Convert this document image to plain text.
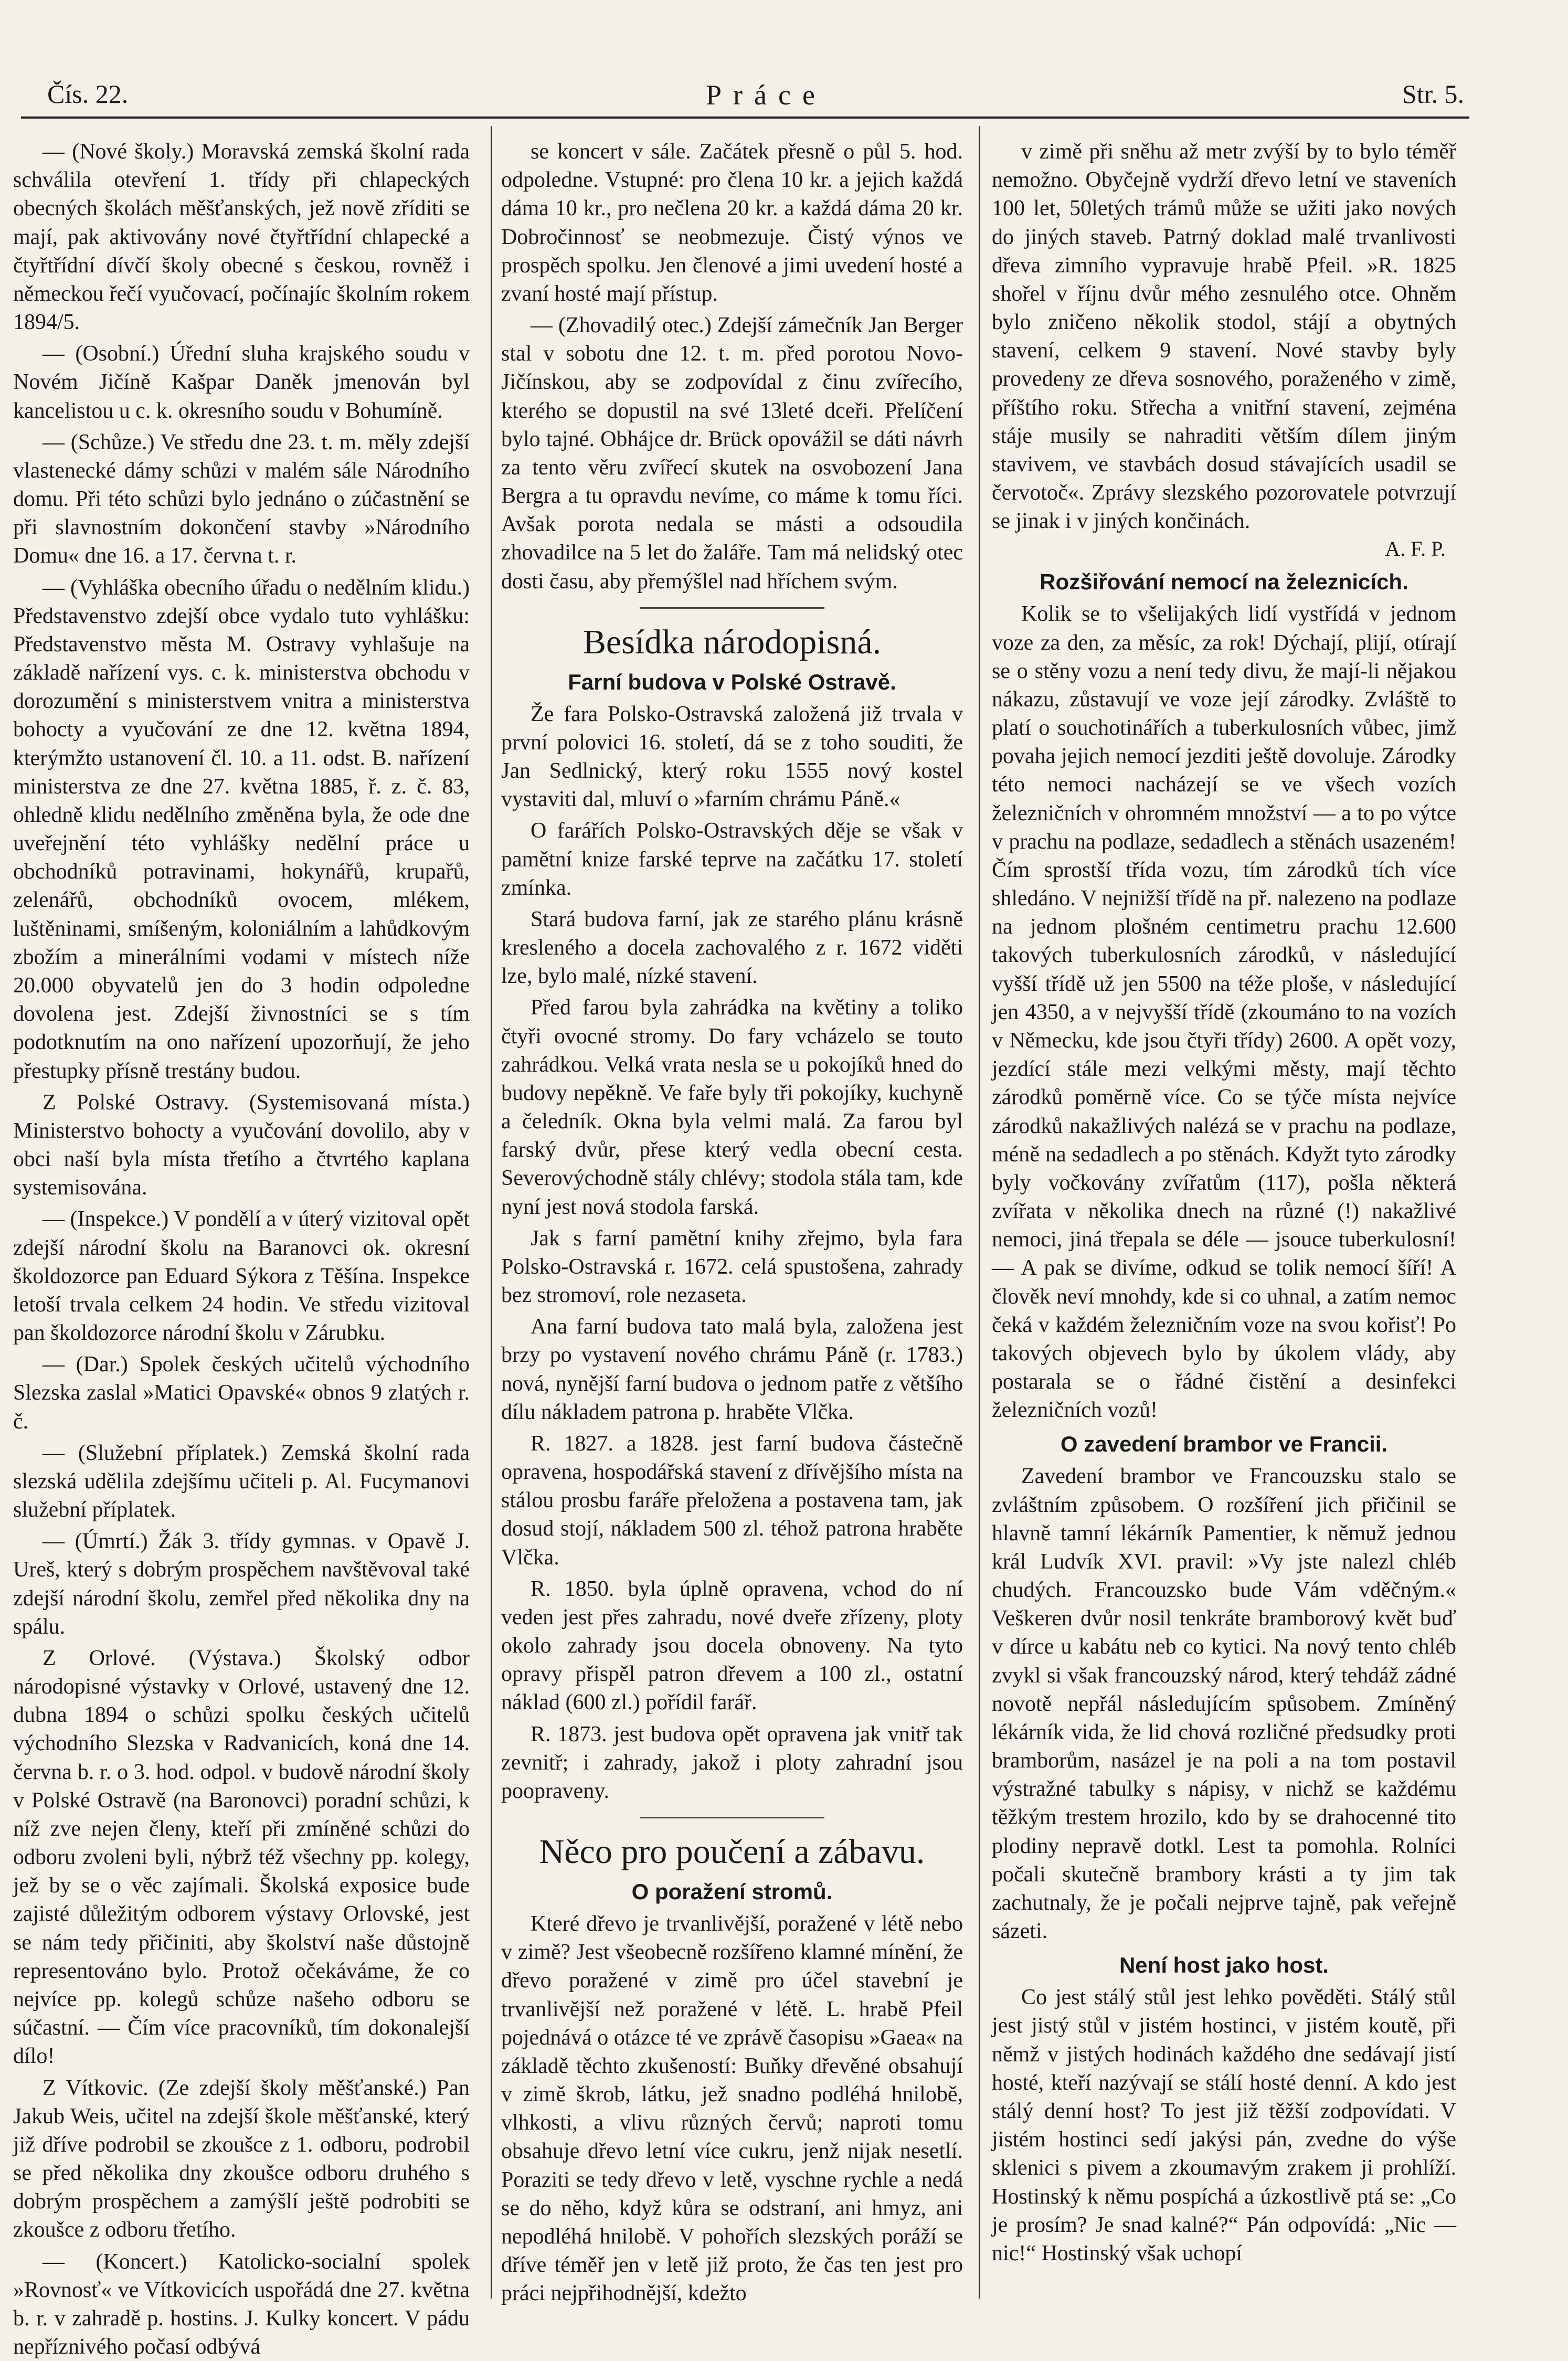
Čís. 22.	Práce	Str. 5.

— (Nové školy.) Moravská zemská školní rada schválila otevření 1. třídy při chlapeckých obecných školách měšťanských, jež nově zříditi se mají, pak aktivovány nové čtyřtřídní chlapecké a čtyřtřídní dívčí školy obecné s českou, rovněž i německou řečí vyučovací, počínajíc školním rokem 1894/5.

— (Osobní.) Úřední sluha krajského soudu v Novém Jičíně Kašpar Daněk jmenován byl kancelistou u c. k. okresního soudu v Bohumíně.

— (Schůze.) Ve středu dne 23. t. m. měly zdejší vlastenecké dámy schůzi v malém sále Národního domu. Při této schůzi bylo jednáno o zúčastnění se při slavnostním dokončení stavby »Národního Domu« dne 16. a 17. června t. r.

— (Vyhláška obecního úřadu o nedělním klidu.) Představenstvo zdejší obce vydalo tuto vyhlášku: Představenstvo města M. Ostravy vyhlašuje na základě nařízení vys. c. k. ministerstva obchodu v dorozumění s ministerstvem vnitra a ministerstva bohocty a vyučování ze dne 12. května 1894, kterýmžto ustanovení čl. 10. a 11. odst. B. nařízení ministerstva ze dne 27. května 1885, ř. z. č. 83, ohledně klidu nedělního změněna byla, že ode dne uveřejnění této vyhlášky nedělní práce u obchodníků potravinami, hokynářů, krupařů, zelenářů, obchodníků ovocem, mlékem, luštěninami, smíšeným, koloniálním a lahůdkovým zbožím a minerálními vodami v místech níže 20.000 obyvatelů jen do 3 hodin odpoledne dovolena jest. Zdejší živnostníci se s tím podotknutím na ono nařízení upozorňují, že jeho přestupky přísně trestány budou.

Z Polské Ostravy. (Systemisovaná místa.) Ministerstvo bohocty a vyučování dovolilo, aby v obci naší byla místa třetího a čtvrtého kaplana systemisována.

— (Inspekce.) V pondělí a v úterý vizitoval opět zdejší národní školu na Baranovci ok. okresní školdozorce pan Eduard Sýkora z Těšína. Inspekce letoší trvala celkem 24 hodin. Ve středu vizitoval pan školdozorce národní školu v Zárubku.

— (Dar.) Spolek českých učitelů východního Slezska zaslal »Matici Opavské« obnos 9 zlatých r. č.

— (Služební příplatek.) Zemská školní rada slezská udělila zdejšímu učiteli p. Al. Fucymanovi služební příplatek.

— (Úmrtí.) Žák 3. třídy gymnas. v Opavě J. Ureš, který s dobrým prospěchem navštěvoval také zdejší národní školu, zemřel před několika dny na spálu.

Z Orlové. (Výstava.) Školský odbor národopisné výstavky v Orlové, ustavený dne 12. dubna 1894 o schůzi spolku českých učitelů východního Slezska v Radvanicích, koná dne 14. června b. r. o 3. hod. odpol. v budově národní školy v Polské Ostravě (na Baronovci) poradní schůzi, k níž zve nejen členy, kteří při zmíněné schůzi do odboru zvoleni byli, nýbrž též všechny pp. kolegy, jež by se o věc zajímali. Školská exposice bude zajisté důležitým odborem výstavy Orlovské, jest se nám tedy přičiniti, aby školství naše důstojně representováno bylo. Protož očekáváme, že co nejvíce pp. kolegů schůze našeho odboru se súčastní. — Čím více pracovníků, tím dokonalejší dílo!

Z Vítkovic. (Ze zdejší školy měšťanské.) Pan Jakub Weis, učitel na zdejší škole měšťanské, který již dříve podrobil se zkoušce z 1. odboru, podrobil se před několika dny zkoušce odboru druhého s dobrým prospěchem a zamýšlí ještě podrobiti se zkoušce z odboru třetího.

— (Koncert.) Katolicko-socialní spolek »Rovnosť« ve Vítkovicích uspořádá dne 27. května b. r. v zahradě p. hostins. J. Kulky koncert. V pádu nepříznivého počasí odbývá

se koncert v sále. Začátek přesně o půl 5. hod. odpoledne. Vstupné: pro člena 10 kr. a jejich každá dáma 10 kr., pro nečlena 20 kr. a každá dáma 20 kr. Dobročinnosť se neobmezuje. Čistý výnos ve prospěch spolku. Jen členové a jimi uvedení hosté a zvaní hosté mají přístup.

— (Zhovadilý otec.) Zdejší zámečník Jan Berger stal v sobotu dne 12. t. m. před porotou Novo-Jičínskou, aby se zodpovídal z činu zvířecího, kterého se dopustil na své 13leté dceři. Přelíčení bylo tajné. Obhájce dr. Brück opovážil se dáti návrh za tento věru zvířecí skutek na osvobození Jana Bergra a tu opravdu nevíme, co máme k tomu říci. Avšak porota nedala se másti a odsoudila zhovadilce na 5 let do žaláře. Tam má nelidský otec dosti času, aby přemýšlel nad hříchem svým.

Besídka národopisná.
Farní budova v Polské Ostravě.

Že fara Polsko-Ostravská založená již trvala v první polovici 16. století, dá se z toho souditi, že Jan Sedlnický, který roku 1555 nový kostel vystaviti dal, mluví o »farním chrámu Páně.«

O farářích Polsko-Ostravských děje se však v pamětní knize farské teprve na začátku 17. století zmínka.

Stará budova farní, jak ze starého plánu krásně kresleného a docela zachovalého z r. 1672 viděti lze, bylo malé, nízké stavení.

Před farou byla zahrádka na květiny a toliko čtyři ovocné stromy. Do fary vcházelo se touto zahrádkou. Velká vrata nesla se u pokojíků hned do budovy nepěkně. Ve faře byly tři pokojíky, kuchyně a čeledník. Okna byla velmi malá. Za farou byl farský dvůr, přese který vedla obecní cesta. Severovýchodně stály chlévy; stodola stála tam, kde nyní jest nová stodola farská.

Jak s farní pamětní knihy zřejmo, byla fara Polsko-Ostravská r. 1672. celá spustošena, zahrady bez stromoví, role nezaseta.

Ana farní budova tato malá byla, založena jest brzy po vystavení nového chrámu Páně (r. 1783.) nová, nynější farní budova o jednom patře z většího dílu nákladem patrona p. hraběte Vlčka.

R. 1827. a 1828. jest farní budova částečně opravena, hospodářská stavení z dřívějšího místa na stálou prosbu faráře přeložena a postavena tam, jak dosud stojí, nákladem 500 zl. téhož patrona hraběte Vlčka.

R. 1850. byla úplně opravena, vchod do ní veden jest přes zahradu, nové dveře zřízeny, ploty okolo zahrady jsou docela obnoveny. Na tyto opravy přispěl patron dřevem a 100 zl., ostatní náklad (600 zl.) pořídil farář.

R. 1873. jest budova opět opravena jak vnitř tak zevnitř; i zahrady, jakož i ploty zahradní jsou poopraveny.

Něco pro poučení a zábavu.
O poražení stromů.

Které dřevo je trvanlivější, poražené v létě nebo v zimě? Jest všeobecně rozšířeno klamné mínění, že dřevo poražené v zimě pro účel stavební je trvanlivější než poražené v létě. L. hrabě Pfeil pojednává o otázce té ve zprávě časopisu »Gaea« na základě těchto zkušeností: Buňky dřevěné obsahují v zimě škrob, látku, jež snadno podléhá hnilobě, vlhkosti, a vlivu různých červů; naproti tomu obsahuje dřevo letní více cukru, jenž nijak nesetlí. Poraziti se tedy dřevo v letě, vyschne rychle a nedá se do něho, když kůra se odstraní, ani hmyz, ani nepodléhá hnilobě. V pohořích slezských poráží se dříve téměř jen v letě již proto, že čas ten jest pro práci nejpřihodnější, kdežto

v zimě při sněhu až metr zvýší by to bylo téměř nemožno. Obyčejně vydrží dřevo letní ve staveních 100 let, 50letých trámů může se užiti jako nových do jiných staveb. Patrný doklad malé trvanlivosti dřeva zimního vypravuje hrabě Pfeil. »R. 1825 shořel v říjnu dvůr mého zesnulého otce. Ohněm bylo zničeno několik stodol, stájí a obytných stavení, celkem 9 stavení. Nové stavby byly provedeny ze dřeva sosnového, poraženého v zimě, příštího roku. Střecha a vnitřní stavení, zejména stáje musily se nahraditi větším dílem jiným stavivem, ve stavbách dosud stávajících usadil se červotoč«. Zprávy slezského pozorovatele potvrzují se jinak i v jiných končinách.

A. F. P.
Rozšiřování nemocí na železnicích.

Kolik se to všelijakých lidí vystřídá v jednom voze za den, za měsíc, za rok! Dýchají, plijí, otírají se o stěny vozu a není tedy divu, že mají-li nějakou nákazu, zůstavují ve voze její zárodky. Zvláště to platí o souchotinářích a tuberkulosních vůbec, jimž povaha jejich nemocí jezditi ještě dovoluje. Zárodky této nemoci nacházejí se ve všech vozích železničních v ohromném množství — a to po výtce v prachu na podlaze, sedadlech a stěnách usazeném! Čím sprostší třída vozu, tím zárodků tích více shledáno. V nejnižší třídě na př. nalezeno na podlaze na jednom plošném centimetru prachu 12.600 takových tuberkulosních zárodků, v následující vyšší třídě už jen 5500 na téže ploše, v následující jen 4350, a v nejvyšší třídě (zkoumáno to na vozích v Německu, kde jsou čtyři třídy) 2600. A opět vozy, jezdící stále mezi velkými městy, mají těchto zárodků poměrně více. Co se týče místa nejvíce zárodků nakažlivých nalézá se v prachu na podlaze, méně na sedadlech a po stěnách. Kdyžt tyto zárodky byly vočkovány zvířatům (117), pošla některá zvířata v několika dnech na různé (!) nakažlivé nemoci, jiná třepala se déle — jsouce tuberkulosní! — A pak se divíme, odkud se tolik nemocí šíří! A člověk neví mnohdy, kde si co uhnal, a zatím nemoc čeká v každém železničním voze na svou kořisť! Po takových objevech bylo by úkolem vlády, aby postarala se o řádné čistění a desinfekci železničních vozů!

O zavedení brambor ve Francii.

Zavedení brambor ve Francouzsku stalo se zvláštním způsobem. O rozšíření jich přičinil se hlavně tamní lékárník Pamentier, k němuž jednou král Ludvík XVI. pravil: »Vy jste nalezl chléb chudých. Francouzsko bude Vám vděčným.« Veškeren dvůr nosil tenkráte bramborový květ buď v dírce u kabátu neb co kytici. Na nový tento chléb zvykl si však francouzský národ, který tehdáž zádné novotě nepřál následujícím spůsobem. Zmíněný lékárník vida, že lid chová rozličné předsudky proti bramborům, nasázel je na poli a na tom postavil výstražné tabulky s nápisy, v nichž se každému těžkým trestem hrozilo, kdo by se drahocenné tito plodiny nepravě dotkl. Lest ta pomohla. Rolníci počali skutečně brambory krásti a ty jim tak zachutnaly, že je počali nejprve tajně, pak veřejně sázeti.

Není host jako host.

Co jest stálý stůl jest lehko pověděti. Stálý stůl jest jistý stůl v jistém hostinci, v jistém koutě, při němž v jistých hodinách každého dne sedávají jistí hosté, kteří nazývají se stálí hosté denní. A kdo jest stálý denní host? To jest již těžší zodpovídati. V jistém hostinci sedí jakýsi pán, zvedne do výše sklenici s pivem a zkoumavým zrakem ji prohlíží. Hostinský k němu pospíchá a úzkostlivě ptá se: „Co je prosím? Je snad kalné?“ Pán odpovídá: „Nic — nic!“ Hostinský však uchopí
